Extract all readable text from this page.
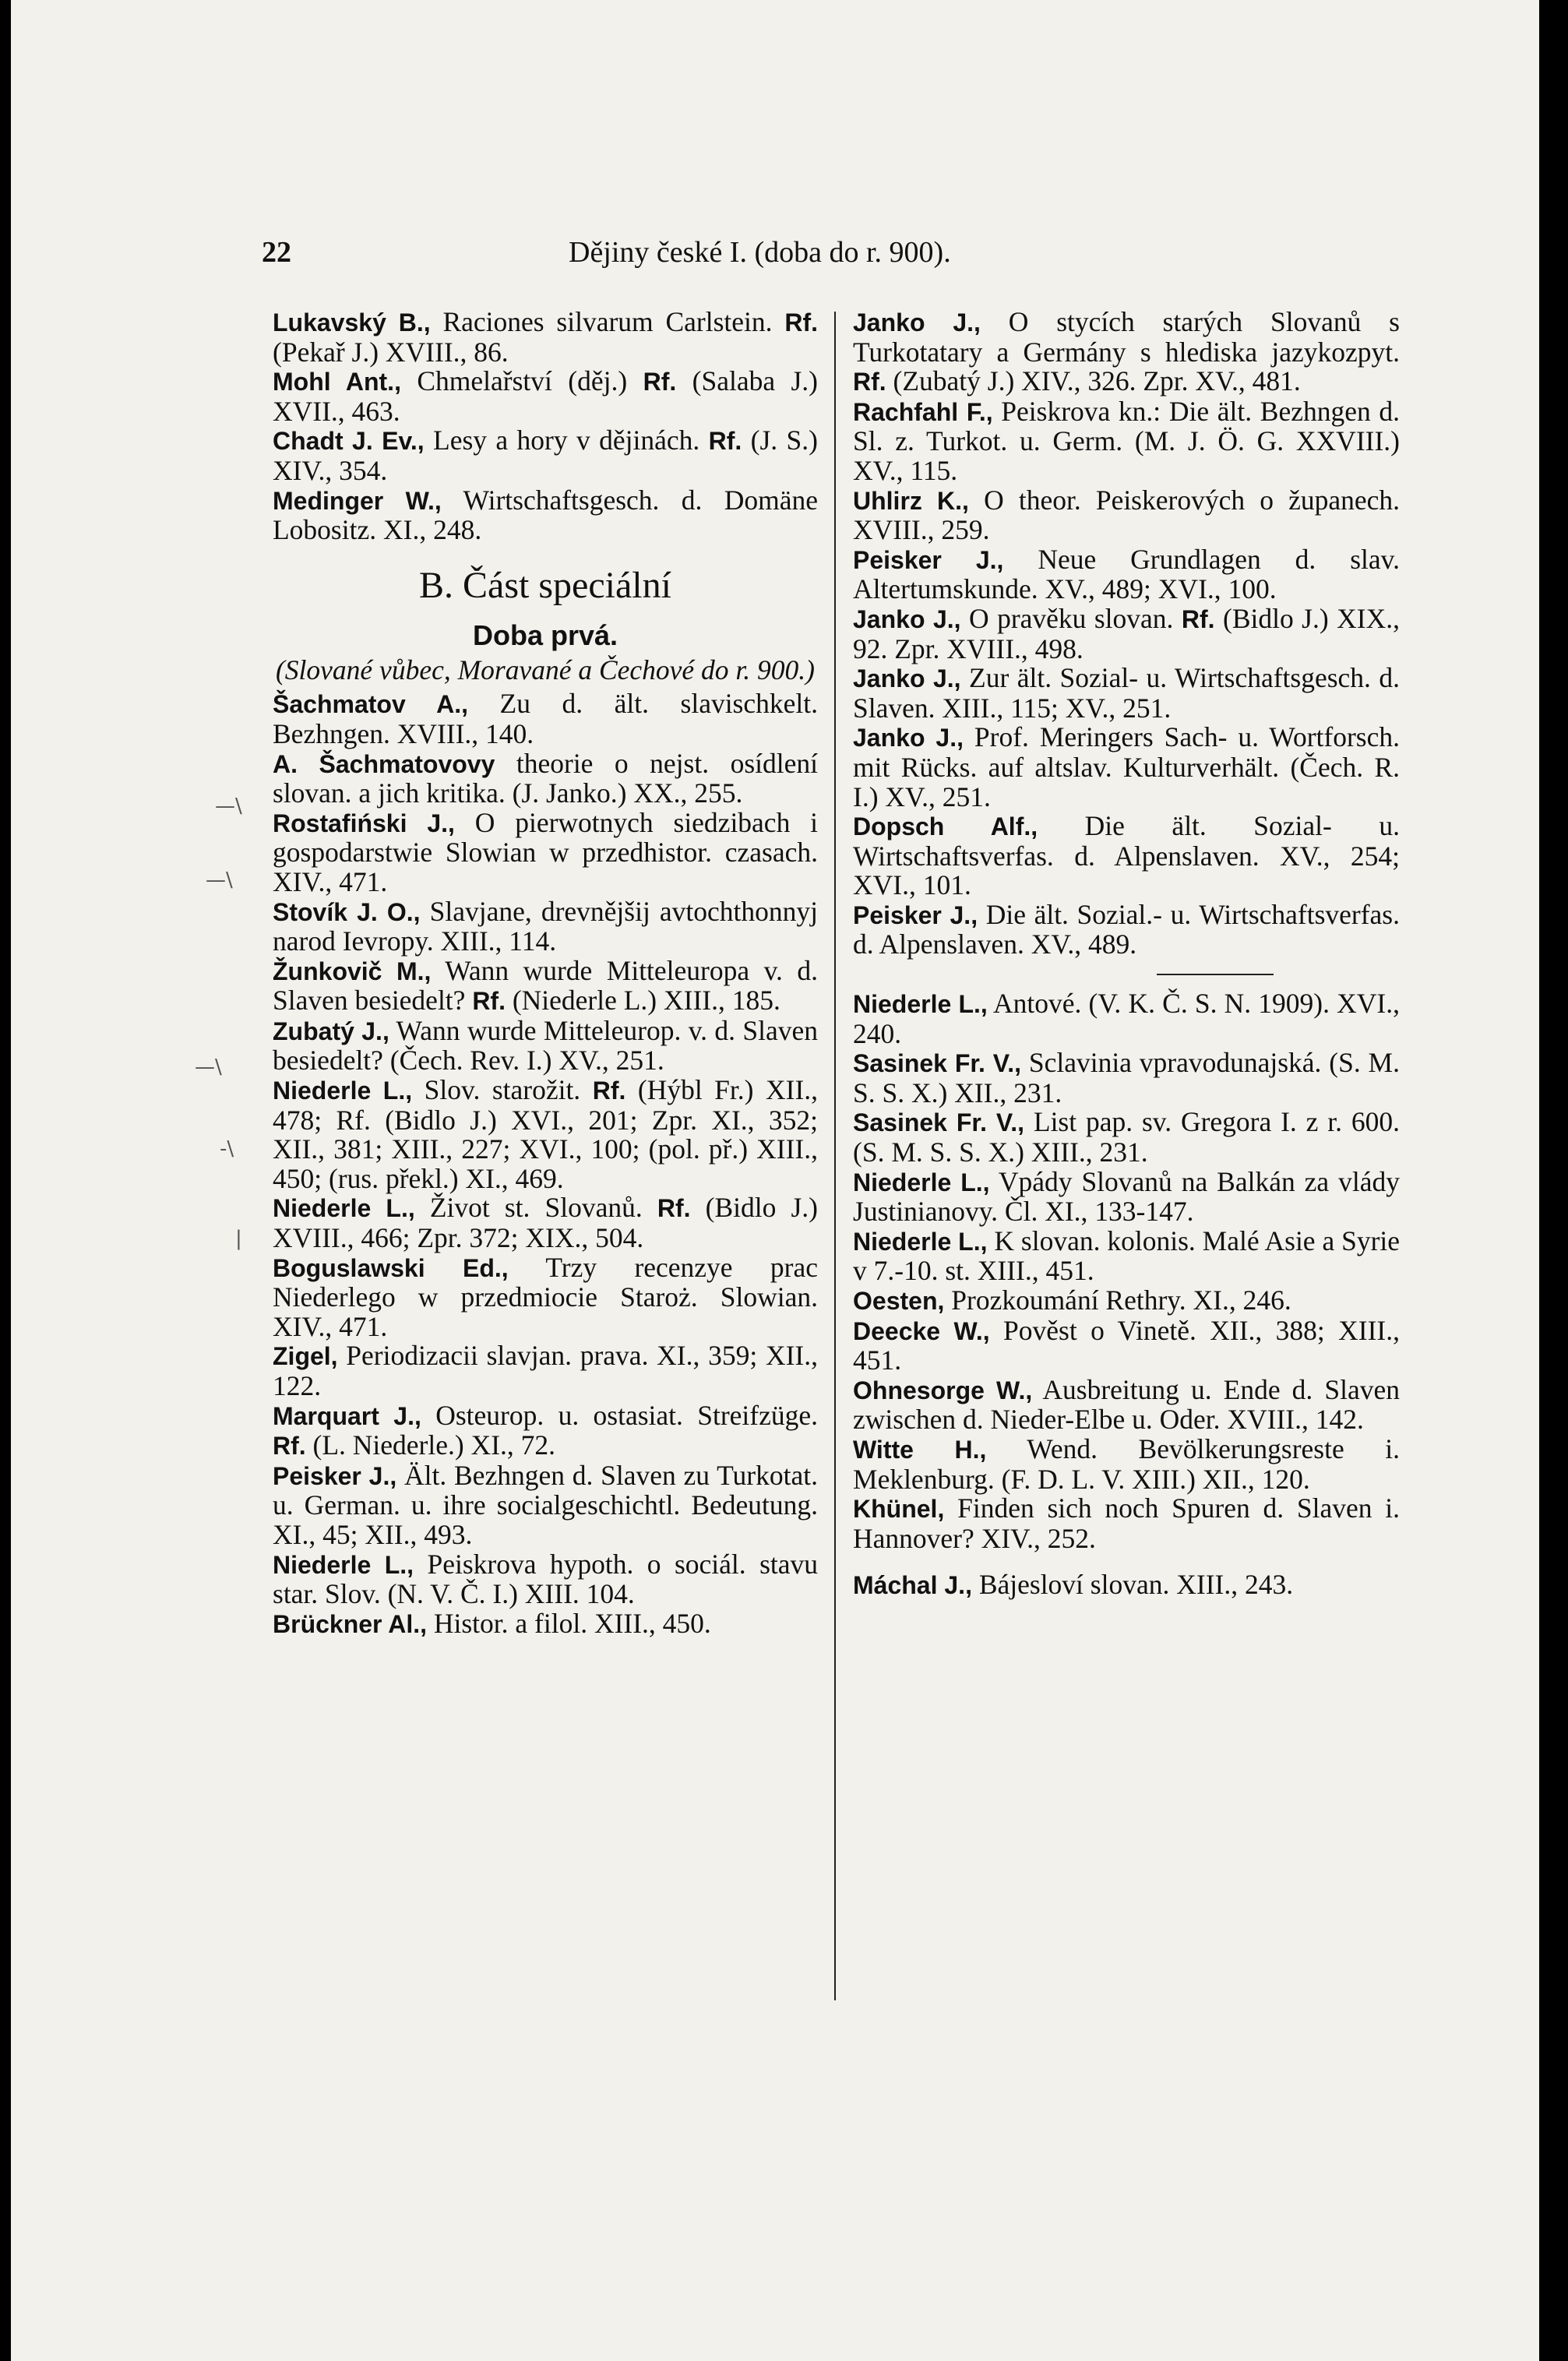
22	Dějiny české I. (doba do r. 900).

Lukavský B., Raciones silvarum Carlstein. Rf. (Pekař J.) XVIII., 86.

Mohl Ant., Chmelařství (děj.) Rf. (Salaba J.) XVII., 463.

Chadt J. Ev., Lesy a hory v dějinách. Rf. (J. S.) XIV., 354.

Medinger W., Wirtschaftsgesch. d. Domäne Lobositz. XI., 248.

B. Část speciální
Doba prvá.
(Slované vůbec, Moravané a Čechové do r. 900.)

Šachmatov A., Zu d. ält. slavischkelt. Bezhngen. XVIII., 140.

A. Šachmatovovy theorie o nejst. osídlení slovan. a jich kritika. (J. Janko.) XX., 255.

Rostafiński J., O pierwotnych siedzibach i gospodarstwie Slowian w przedhistor. czasach. XIV., 471.

Stovík J. O., Slavjane, drevnějšij avtochthonnyj narod Ievropy. XIII., 114.

Žunkovič M., Wann wurde Mitteleuropa v. d. Slaven besiedelt? Rf. (Niederle L.) XIII., 185.

Zubatý J., Wann wurde Mitteleurop. v. d. Slaven besiedelt? (Čech. Rev. I.) XV., 251.

Niederle L., Slov. starožit. Rf. (Hýbl Fr.) XII., 478; Rf. (Bidlo J.) XVI., 201; Zpr. XI., 352; XII., 381; XIII., 227; XVI., 100; (pol. př.) XIII., 450; (rus. překl.) XI., 469.

Niederle L., Život st. Slovanů. Rf. (Bidlo J.) XVIII., 466; Zpr. 372; XIX., 504.

Boguslawski Ed., Trzy recenzye prac Niederlego w przedmiocie Staroż. Slowian. XIV., 471.

Zigel, Periodizacii slavjan. prava. XI., 359; XII., 122.

Marquart J., Osteurop. u. ostasiat. Streifzüge. Rf. (L. Niederle.) XI., 72.

Peisker J., Ält. Bezhngen d. Slaven zu Turkotat. u. German. u. ihre socialgeschichtl. Bedeutung. XI., 45; XII., 493.

Niederle L., Peiskrova hypoth. o sociál. stavu star. Slov. (N. V. Č. I.) XIII. 104.

Brückner Al., Histor. a filol. XIII., 450.

Janko J., O stycích starých Slovanů s Turkotatary a Germány s hlediska jazykozpyt. Rf. (Zubatý J.) XIV., 326. Zpr. XV., 481.

Rachfahl F., Peiskrova kn.: Die ält. Bezhngen d. Sl. z. Turkot. u. Germ. (M. J. Ö. G. XXVIII.) XV., 115.

Uhlirz K., O theor. Peiskerových o županech. XVIII., 259.

Peisker J., Neue Grundlagen d. slav. Altertumskunde. XV., 489; XVI., 100.

Janko J., O pravěku slovan. Rf. (Bidlo J.) XIX., 92. Zpr. XVIII., 498.

Janko J., Zur ält. Sozial- u. Wirtschaftsgesch. d. Slaven. XIII., 115; XV., 251.

Janko J., Prof. Meringers Sach- u. Wortforsch. mit Rücks. auf altslav. Kulturverhält. (Čech. R. I.) XV., 251.

Dopsch Alf., Die ält. Sozial- u. Wirtschaftsverfas. d. Alpenslaven. XV., 254; XVI., 101.

Peisker J., Die ält. Sozial.- u. Wirtschaftsverfas. d. Alpenslaven. XV., 489.

Niederle L., Antové. (V. K. Č. S. N. 1909). XVI., 240.

Sasinek Fr. V., Sclavinia vpravodunajská. (S. M. S. S. X.) XII., 231.

Sasinek Fr. V., List pap. sv. Gregora I. z r. 600. (S. M. S. S. X.) XIII., 231.

Niederle L., Vpády Slovanů na Balkán za vlády Justinianovy. Čl. XI., 133-147.

Niederle L., K slovan. kolonis. Malé Asie a Syrie v 7.-10. st. XIII., 451.

Oesten, Prozkoumání Rethry. XI., 246.

Deecke W., Pověst o Vinetě. XII., 388; XIII., 451.

Ohnesorge W., Ausbreitung u. Ende d. Slaven zwischen d. Nieder-Elbe u. Oder. XVIII., 142.

Witte H., Wend. Bevölkerungsreste i. Meklenburg. (F. D. L. V. XIII.) XII., 120.

Khünel, Finden sich noch Spuren d. Slaven i. Hannover? XIV., 252.

Máchal J., Bájesloví slovan. XIII., 243.

—\
—\
—\
-\
|
